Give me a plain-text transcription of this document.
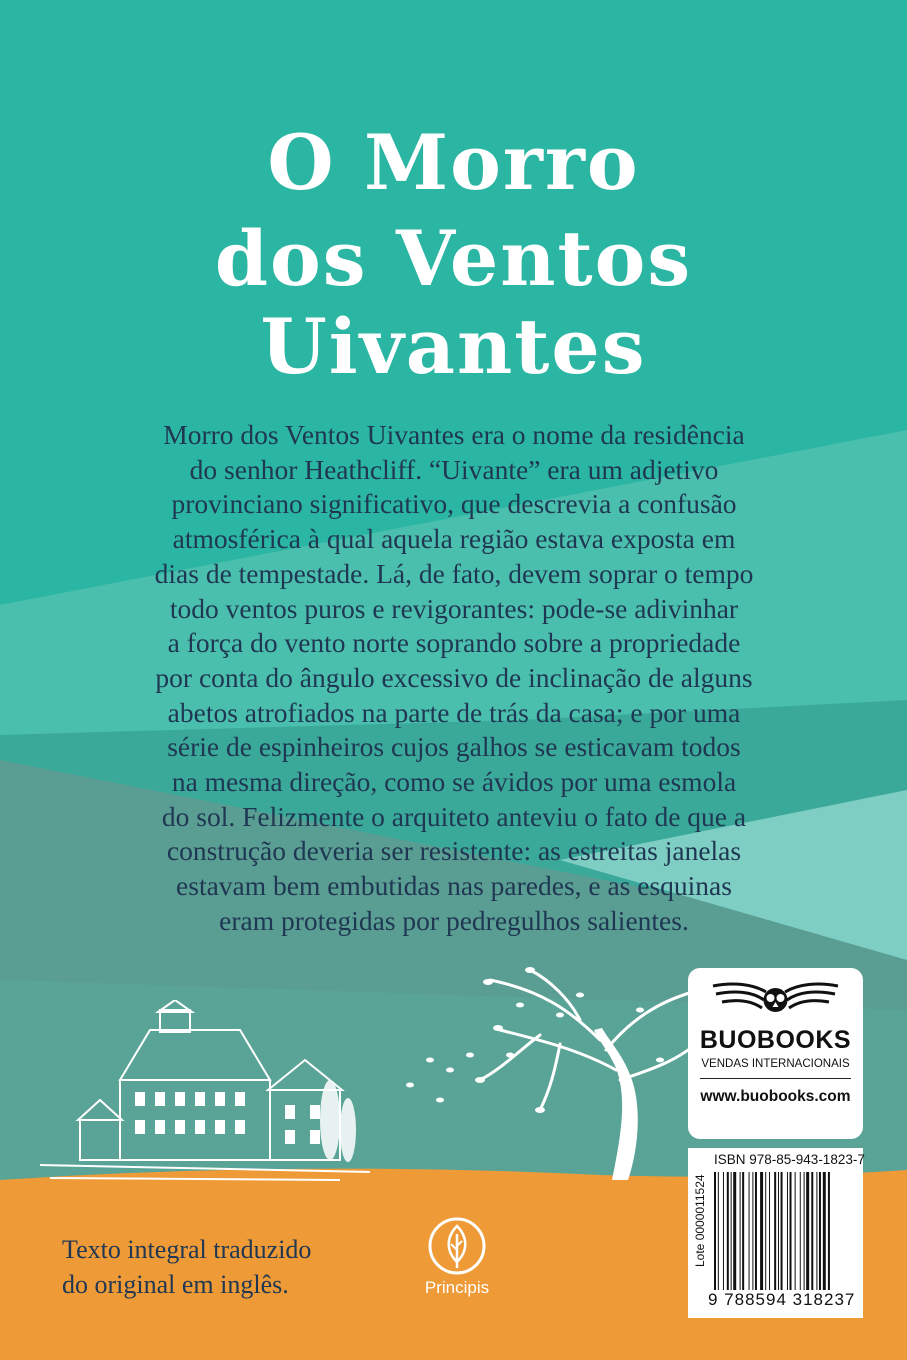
O Morro
dos Ventos
Uivantes
Morro dos Ventos Uivantes era o nome da residência
do senhor Heathcliff. “Uivante” era um adjetivo
provinciano significativo, que descrevia a confusão
atmosférica à qual aquela região estava exposta em
dias de tempestade. Lá, de fato, devem soprar o tempo
todo ventos puros e revigorantes: pode-se adivinhar
a força do vento norte soprando sobre a propriedade
por conta do ângulo excessivo de inclinação de alguns
abetos atrofiados na parte de trás da casa; e por uma
série de espinheiros cujos galhos se esticavam todos
na mesma direção, como se ávidos por uma esmola
do sol. Felizmente o arquiteto anteviu o fato de que a
construção deveria ser resistente: as estreitas janelas
estavam bem embutidas nas paredes, e as esquinas
eram protegidas por pedregulhos salientes.
Texto integral traduzido
do original em inglês.	Principis
BUOBOOKS
VENDAS INTERNACIONAIS
www.buobooks.com
ISBN 978-85-943-1823-7
Lote 0000011524
9 788594 318237
